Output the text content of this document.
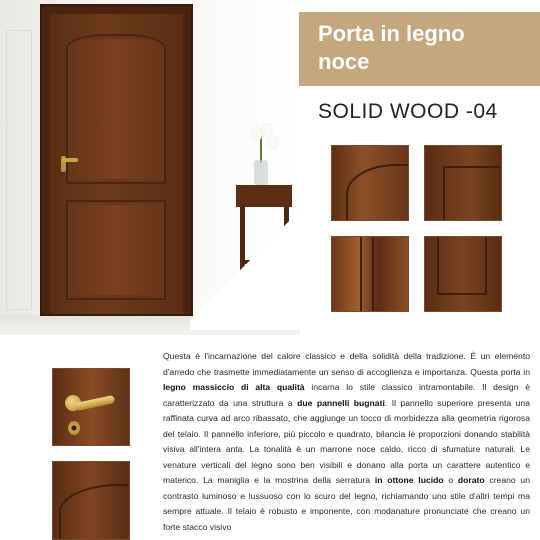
Porta in legno

noce

SOLID WOOD -04
Questa è l'incarnazione del calore classico e della solidità della tradizione. È un elemento d'arredo che trasmette immediatamente un senso di accoglienza e importanza. Questa porta in legno massiccio di alta qualità incarna lo stile classico intramontabile. Il design è caratterizzato da una struttura a due pannelli bugnati. Il pannello superiore presenta una raffinata curva ad arco ribassato, che aggiunge un tocco di morbidezza alla geometria rigorosa del telaio. Il pannello inferiore, più piccolo e quadrato, bilancia le proporzioni donando stabilità visiva all'intera anta. La tonalità è un marrone noce caldo, ricco di sfumature naturali. Le venature verticali del legno sono ben visibili e donano alla porta un carattere autentico e materico. La maniglia e la mostrina della serratura in ottone lucido o dorato creano un contrasto luminoso e lussuoso con lo scuro del legno, richiamando uno stile d'altri tempi ma sempre attuale. Il telaio è robusto e imponente, con modanature pronunciate che creano un forte stacco visivo
